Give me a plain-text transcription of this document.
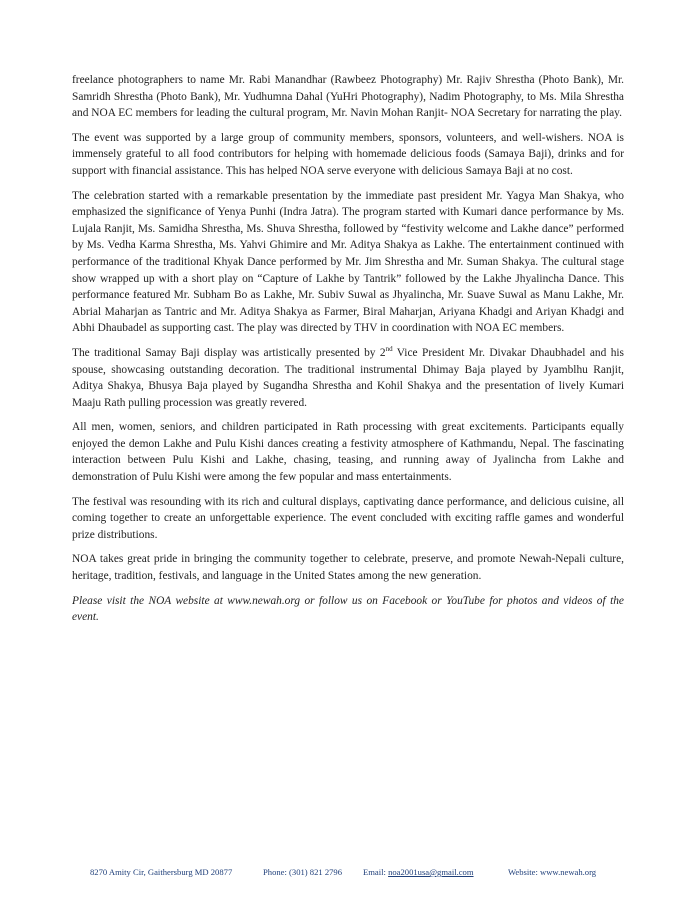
freelance photographers to name Mr. Rabi Manandhar (Rawbeez Photography) Mr. Rajiv Shrestha (Photo Bank), Mr. Samridh Shrestha (Photo Bank), Mr. Yudhumna Dahal (YuHri Photography), Nadim Photography, to Ms. Mila Shrestha and NOA EC members for leading the cultural program, Mr. Navin Mohan Ranjit- NOA Secretary for narrating the play.

The event was supported by a large group of community members, sponsors, volunteers, and well-wishers. NOA is immensely grateful to all food contributors for helping with homemade delicious foods (Samaya Baji), drinks and for support with financial assistance. This has helped NOA serve everyone with delicious Samaya Baji at no cost.

The celebration started with a remarkable presentation by the immediate past president Mr. Yagya Man Shakya, who emphasized the significance of Yenya Punhi (Indra Jatra). The program started with Kumari dance performance by Ms. Lujala Ranjit, Ms. Samidha Shrestha, Ms. Shuva Shrestha, followed by “festivity welcome and Lakhe dance” performed by Ms. Vedha Karma Shrestha, Ms. Yahvi Ghimire and Mr. Aditya Shakya as Lakhe. The entertainment continued with performance of the traditional Khyak Dance performed by Mr. Jim Shrestha and Mr. Suman Shakya. The cultural stage show wrapped up with a short play on “Capture of Lakhe by Tantrik” followed by the Lakhe Jhyalincha Dance. This performance featured Mr. Subham Bo as Lakhe, Mr. Subiv Suwal as Jhyalincha, Mr. Suave Suwal as Manu Lakhe, Mr. Abrial Maharjan as Tantric and Mr. Aditya Shakya as Farmer, Biral Maharjan, Ariyana Khadgi and Ariyan Khadgi and Abhi Dhaubadel as supporting cast. The play was directed by THV in coordination with NOA EC members.

The traditional Samay Baji display was artistically presented by 2nd Vice President Mr. Divakar Dhaubhadel and his spouse, showcasing outstanding decoration. The traditional instrumental Dhimay Baja played by Jyamblhu Ranjit, Aditya Shakya, Bhusya Baja played by Sugandha Shrestha and Kohil Shakya and the presentation of lively Kumari Maaju Rath pulling procession was greatly revered.

All men, women, seniors, and children participated in Rath processing with great excitements. Participants equally enjoyed the demon Lakhe and Pulu Kishi dances creating a festivity atmosphere of Kathmandu, Nepal. The fascinating interaction between Pulu Kishi and Lakhe, chasing, teasing, and running away of Jyalincha from Lakhe and demonstration of Pulu Kishi were among the few popular and mass entertainments.

The festival was resounding with its rich and cultural displays, captivating dance performance, and delicious cuisine, all coming together to create an unforgettable experience. The event concluded with exciting raffle games and wonderful prize distributions.

NOA takes great pride in bringing the community together to celebrate, preserve, and promote Newah-Nepali culture, heritage, tradition, festivals, and language in the United States among the new generation.

Please visit the NOA website at www.newah.org or follow us on Facebook or YouTube for photos and videos of the event.

8270 Amity Cir, Gaithersburg MD 20877	Phone: (301) 821 2796 Email: noa2001usa@gmail.com	Website: www.newah.org
